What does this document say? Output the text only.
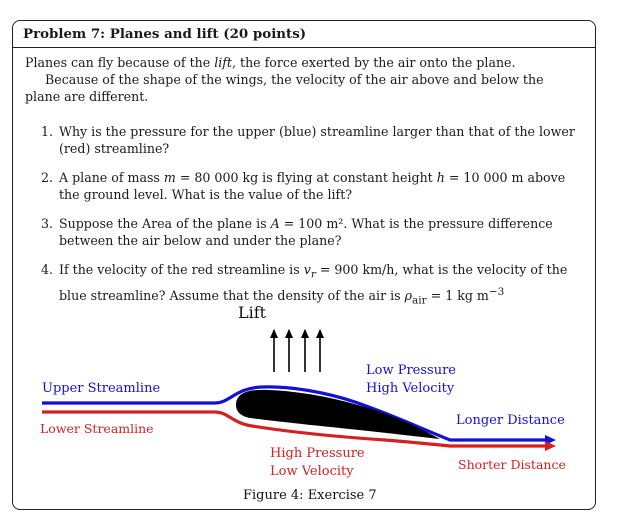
Problem 7: Planes and lift (20 points)

Planes can fly because of the lift, the force exerted by the air onto the plane.

Because of the shape of the wings, the velocity of the air above and below the plane are different.

1. Why is the pressure for the upper (blue) streamline larger than that of the lower (red) streamline?
2. A plane of mass m = 80 000 kg is flying at constant height h = 10 000 m above the ground level. What is the value of the lift?
3. Suppose the Area of the plane is A = 100 m². What is the pressure difference between the air below and under the plane?
4. If the velocity of the red streamline is $v_r = 900$ km/h, what is the velocity of the blue streamline? Assume that the density of the air is $\rho_{air} = 1$ kg $m^{-3}$
Lift
Upper Streamline
Lower Streamline
Low Pressure
High Velocity
Longer Distance
High Pressure
Low Velocity	Shorter Distance
Figure 4: Exercise 7
